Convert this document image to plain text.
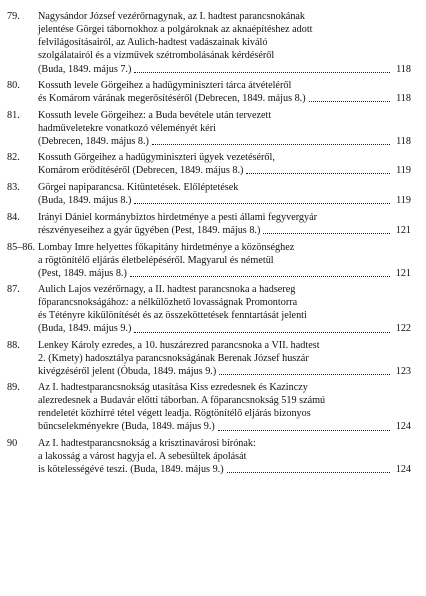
79.	Nagysándor József vezérőrnagynak, az I. hadtest parancsnokának
jelentése Görgei tábornokhoz a polgároknak az aknaépítéshez adott
felvilágosításairól, az Aulich-hadtest vadászainak kiváló
szolgálatairól és a vízművek szétrombolásának kérdéséről
(Buda, 1849. május 7.)	118
80.	Kossuth levele Görgeihez a hadügyminiszteri tárca átvételéről
és Komárom várának megerősítéséről (Debrecen, 1849. május 8.)	118
81.	Kossuth levele Görgeihez: a Buda bevétele után tervezett
hadműveletekre vonatkozó véleményét kéri
(Debrecen, 1849. május 8.)	118
82.	Kossuth Görgeihez a hadügyminiszteri ügyek vezetéséről,
Komárom erődítéséről (Debrecen, 1849. május 8.)	119
83.	Görgei napiparancsa. Kitüntetések. Előléptetések
(Buda, 1849. május 8.)	119
84.	Irányi Dániel kormánybiztos hirdetménye a pesti állami fegyvergyár
részvényeseihez a gyár ügyében (Pest, 1849. május 8.)	121
85–86. Lombay Imre helyettes főkapitány hirdetménye a közönséghez
a rögtönítélő eljárás életbelépéséről. Magyarul és németül
(Pest, 1849. május 8.)	121
87.	Aulich Lajos vezérőrnagy, a II. hadtest parancsnoka a hadsereg
főparancsnokságához: a nélkülözhető lovasságnak Promontorra
és Tétényre kikülönítését és az összeköttetések fenntartását jelenti
(Buda, 1849. május 9.)	122
88.	Lenkey Károly ezredes, a 10. huszárezred parancsnoka a VII. hadtest
2. (Kmety) hadosztálya parancsnokságának Berenak József huszár
kivégzéséről jelent (Óbuda, 1849. május 9.)	123
89.	Az I. hadtestparancsnokság utasítása Kiss ezredesnek és Kazinczy
alezredesnek a Budavár előtti táborban. A főparancsnokság 519 számú
rendeletét közhírré tétel végett leadja. Rögtönítélő eljárás bizonyos
bűncselekményekre (Buda, 1849. május 9.)	124
90	Az I. hadtestparancsnokság a krisztinavárosi bírónak:
a lakosság a várost hagyja el. A sebesültek ápolását
is kötelességévé teszi. (Buda, 1849. május 9.)	124
